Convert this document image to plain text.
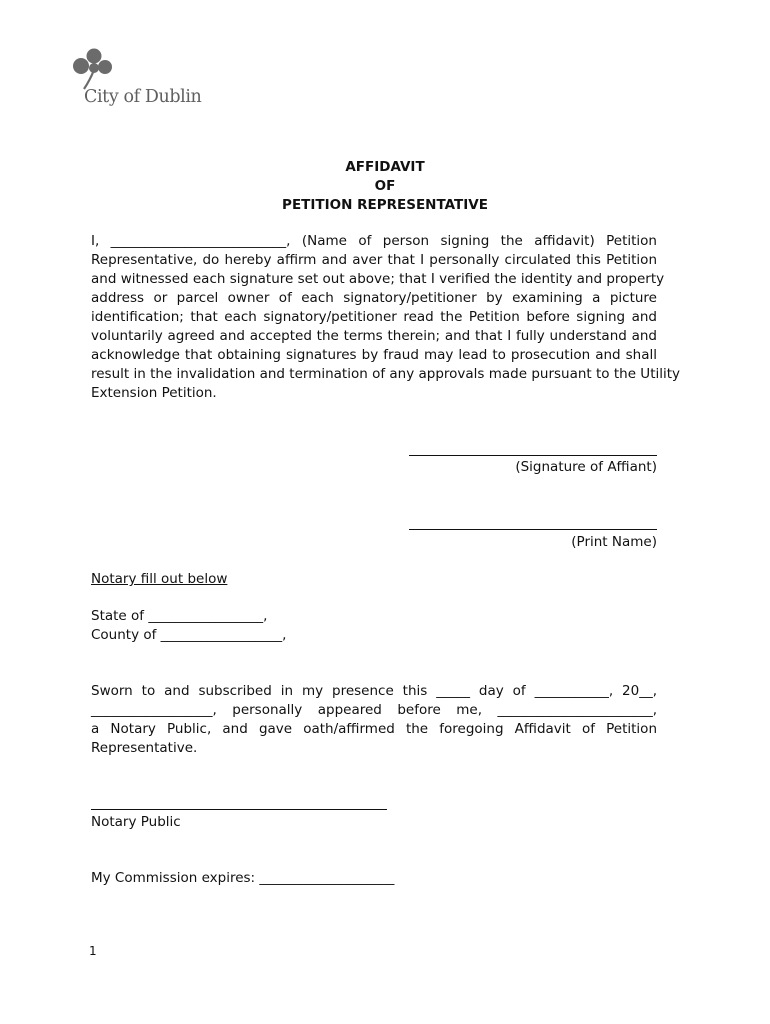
City of Dublin
AFFIDAVIT
OF
PETITION REPRESENTATIVE
I, __________________________, (Name of person signing the affidavit) Petition
Representative, do hereby affirm and aver that I personally circulated this Petition
and witnessed each signature set out above; that I verified the identity and property
address or parcel owner of each signatory/petitioner by examining a picture
identification; that each signatory/petitioner read the Petition before signing and
voluntarily agreed and accepted the terms therein; and that I fully understand and
acknowledge that obtaining signatures by fraud may lead to prosecution and shall
result in the invalidation and termination of any approvals made pursuant to the Utility
Extension Petition.
(Signature of Affiant)
(Print Name)
Notary fill out below
State of _________________,
County of __________________,
Sworn to and subscribed in my presence this _____ day of ___________, 20__,
__________________, personally appeared before me, _______________________,
a Notary Public, and gave oath/affirmed the foregoing Affidavit of Petition
Representative.
Notary Public
My Commission expires: ____________________
1
